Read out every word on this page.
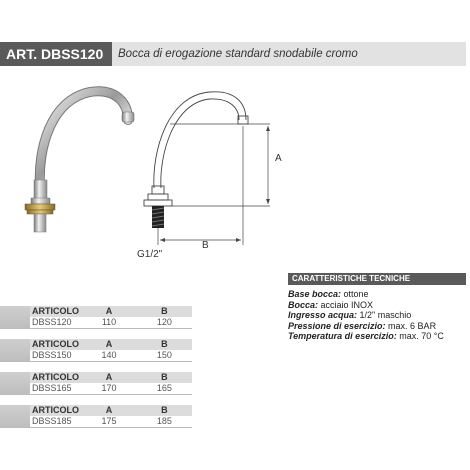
ART. DBSS120	Bocca di erogazione standard snodabile cromo
A
B
G1/2"
CARATTERISTICHE TECNICHE
Base bocca: ottone
Bocca: acciaio INOX
Ingresso acqua: 1/2" maschio
Pressione di esercizio: max. 6 BAR
Temperatura di esercizio: max. 70 °C
ARTICOLO	A	B
DBSS120	110	120
ARTICOLO	A	B
DBSS150	140	150
ARTICOLO	A	B
DBSS165	170	165
ARTICOLO	A	B
DBSS185	175	185
